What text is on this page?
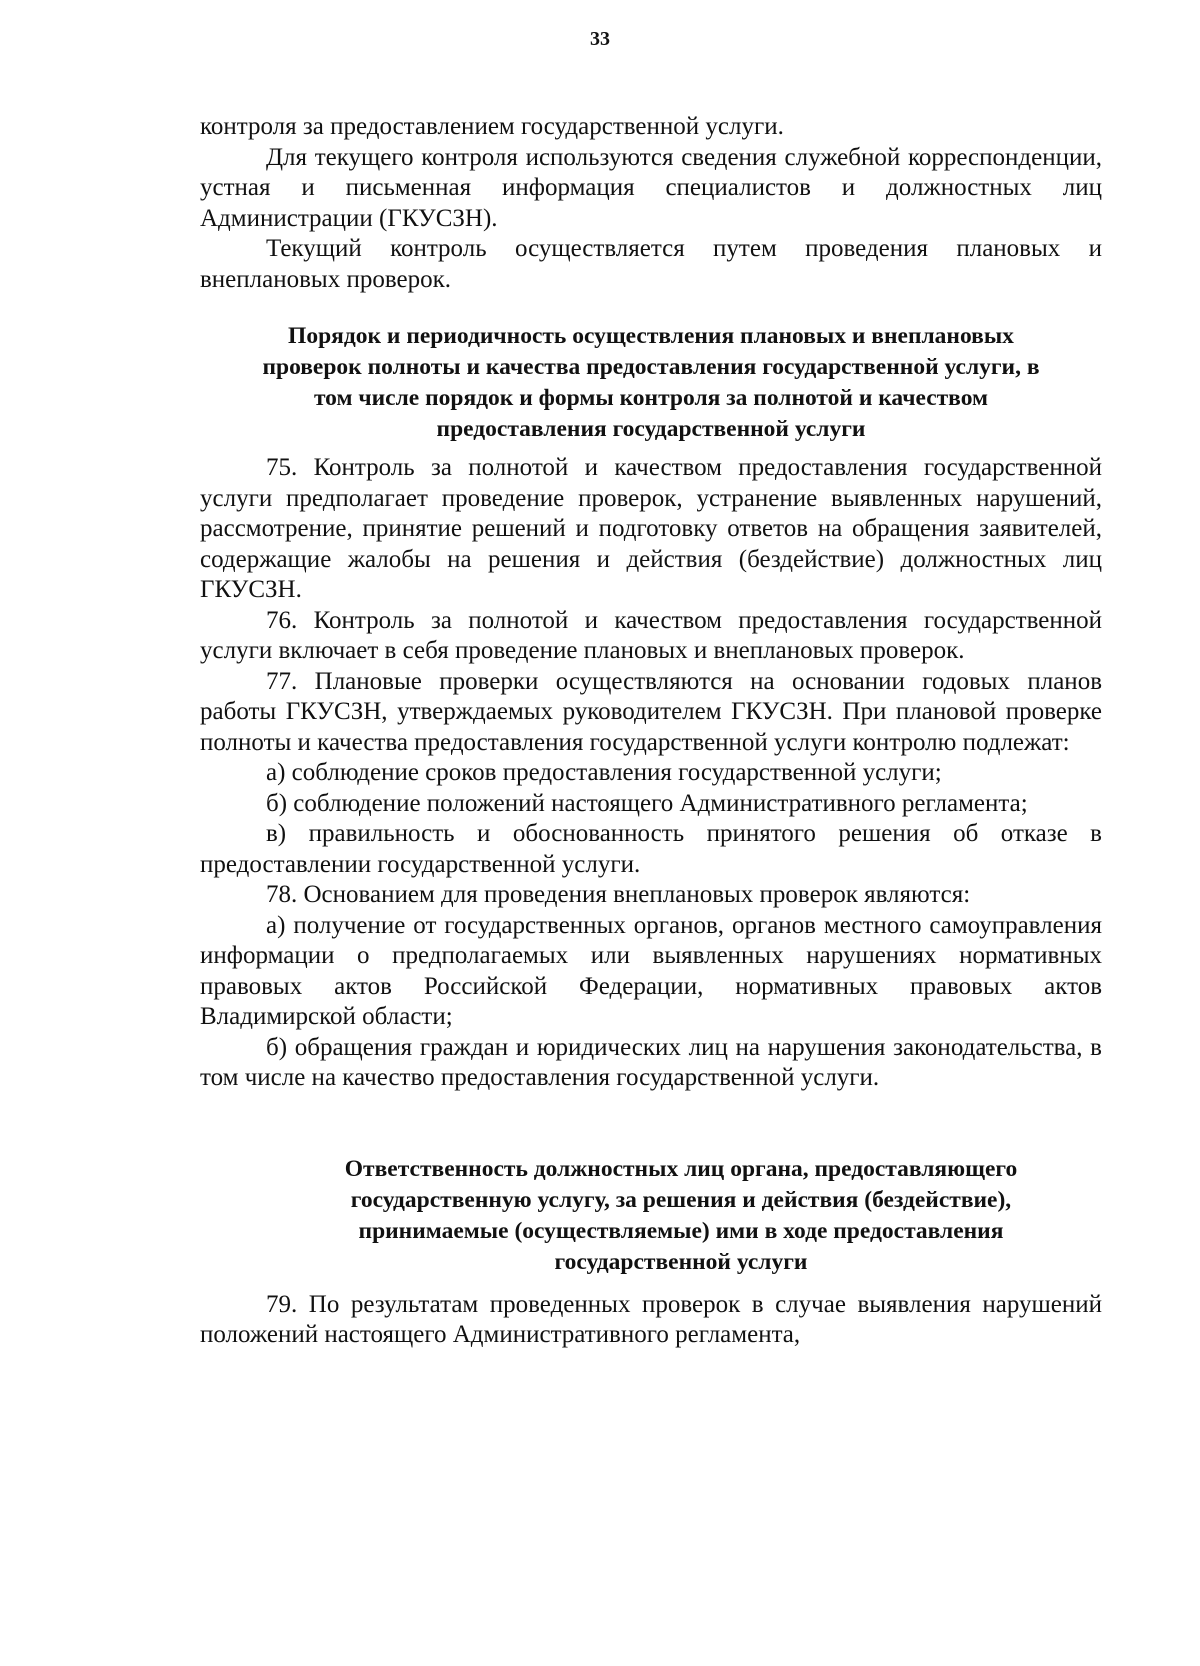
33

контроля за предоставлением государственной услуги.

Для текущего контроля используются сведения служебной корреспонденции, устная и письменная информация специалистов и должностных лиц Администрации (ГКУСЗН).

Текущий контроль осуществляется путем проведения плановых и внеплановых проверок.

Порядок и периодичность осуществления плановых и внеплановых
проверок полноты и качества предоставления государственной услуги, в
том числе порядок и формы контроля за полнотой и качеством
предоставления государственной услуги

75. Контроль за полнотой и качеством предоставления государственной услуги предполагает проведение проверок, устранение выявленных нарушений, рассмотрение, принятие решений и подготовку ответов на обращения заявителей, содержащие жалобы на решения и действия (бездействие) должностных лиц ГКУСЗН.

76. Контроль за полнотой и качеством предоставления государственной услуги включает в себя проведение плановых и внеплановых проверок.

77. Плановые проверки осуществляются на основании годовых планов работы ГКУСЗН, утверждаемых руководителем ГКУСЗН. При плановой проверке полноты и качества предоставления государственной услуги контролю подлежат:

а) соблюдение сроков предоставления государственной услуги;

б) соблюдение положений настоящего Административного регламента;

в) правильность и обоснованность принятого решения об отказе в предоставлении государственной услуги.

78. Основанием для проведения внеплановых проверок являются:

а) получение от государственных органов, органов местного самоуправления информации о предполагаемых или выявленных нарушениях нормативных правовых актов Российской Федерации, нормативных правовых актов Владимирской области;

б) обращения граждан и юридических лиц на нарушения законодательства, в том числе на качество предоставления государственной услуги.

Ответственность должностных лиц органа, предоставляющего
государственную услугу, за решения и действия (бездействие),
принимаемые (осуществляемые) ими в ходе предоставления
государственной услуги

79. По результатам проведенных проверок в случае выявления нарушений положений настоящего Административного регламента,
